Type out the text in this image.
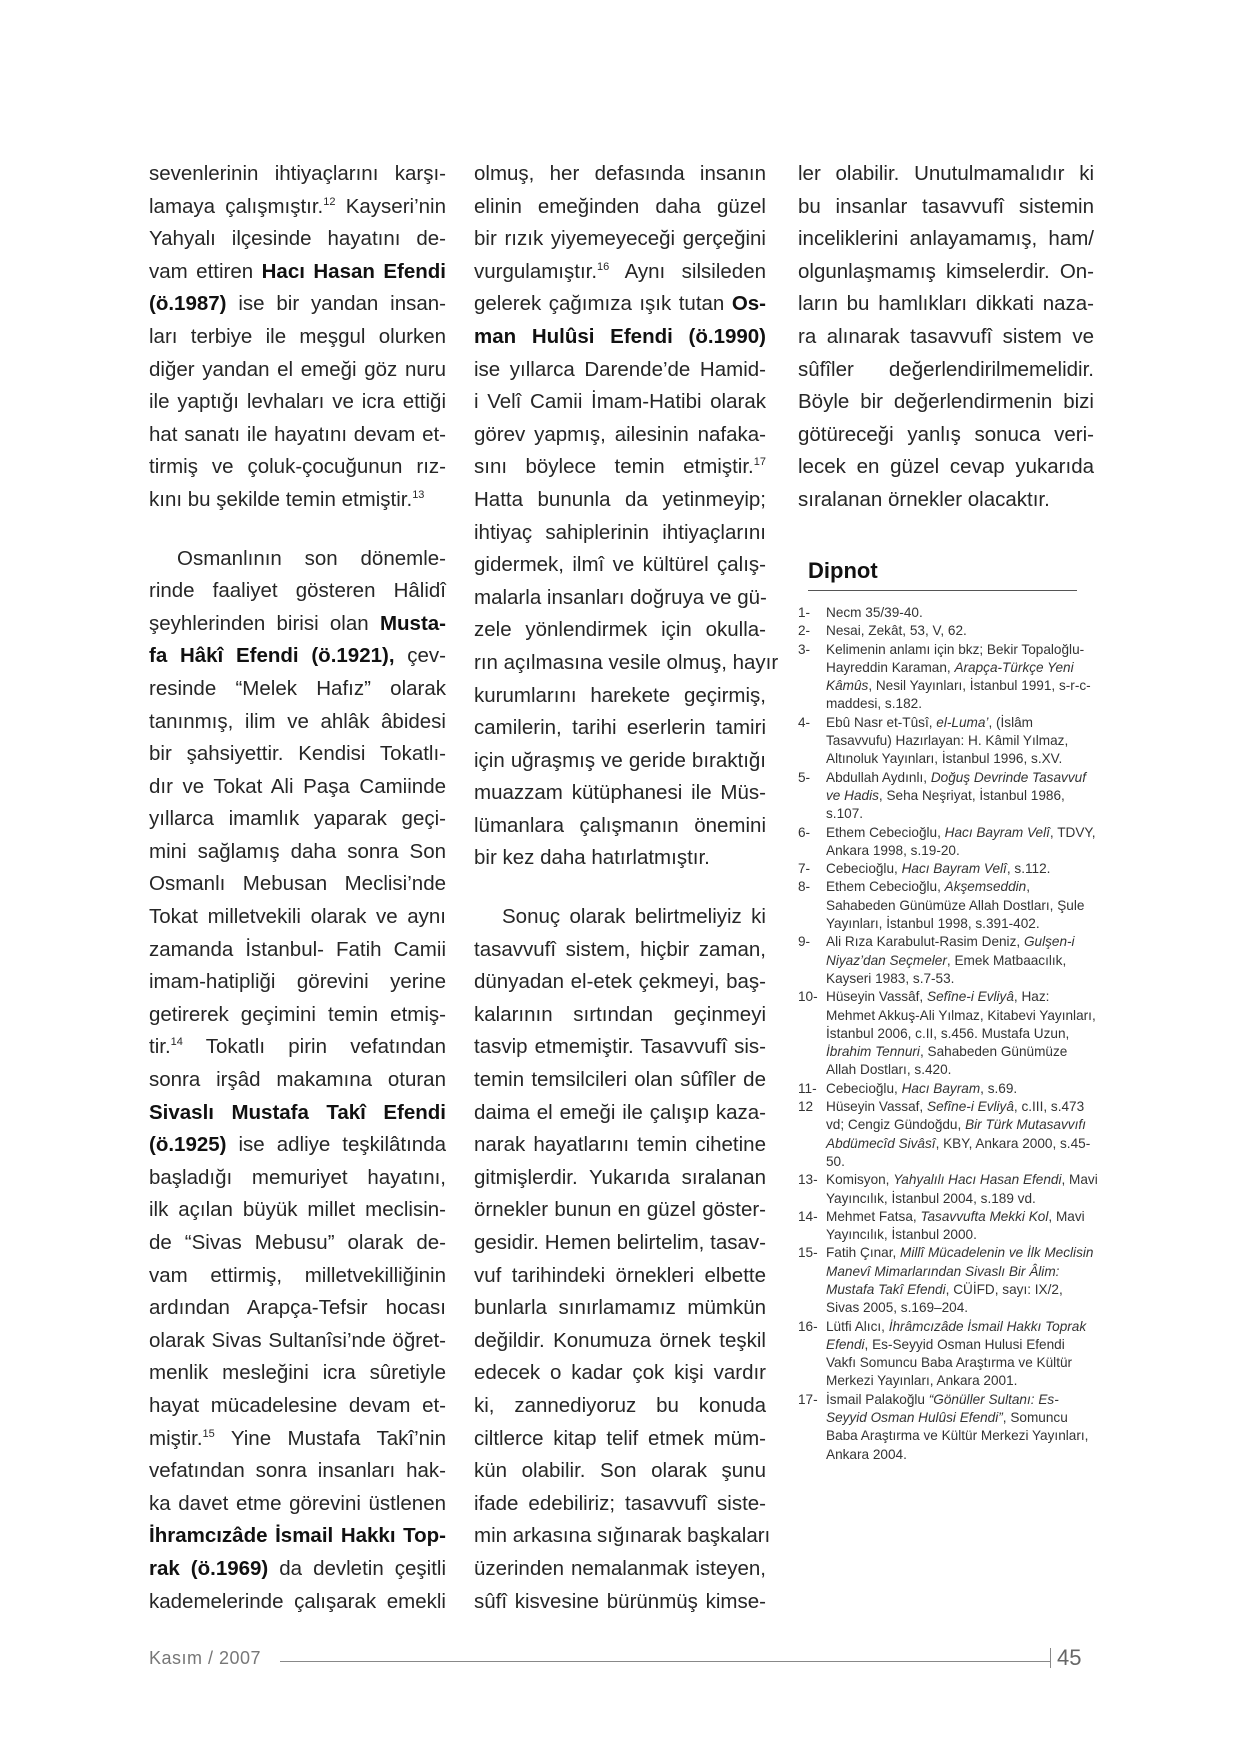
sevenlerinin ihtiyaçlarını karşı-

lamaya çalışmıştır.$^{12}$ Kayseri’nin

Yahyalı ilçesinde hayatını de-

vam ettiren Hacı Hasan Efendi

(ö.1987) ise bir yandan insan-

ları terbiye ile meşgul olurken

diğer yandan el emeği göz nuru

ile yaptığı levhaları ve icra ettiği

hat sanatı ile hayatını devam et-

tirmiş ve çoluk-çocuğunun rız-

kını bu şekilde temin etmiştir.$^{13}$

Osmanlının son dönemle-

rinde faaliyet gösteren Hâlidî

şeyhlerinden birisi olan Musta-

fa Hâkî Efendi (ö.1921), çev-

resinde “Melek Hafız” olarak

tanınmış, ilim ve ahlâk âbidesi

bir şahsiyettir. Kendisi Tokatlı-

dır ve Tokat Ali Paşa Camiinde

yıllarca imamlık yaparak geçi-

mini sağlamış daha sonra Son

Osmanlı Mebusan Meclisi’nde

Tokat milletvekili olarak ve aynı

zamanda İstanbul- Fatih Camii

imam-hatipliği görevini yerine

getirerek geçimini temin etmiş-

tir.$^{14}$ Tokatlı pirin vefatından

sonra irşâd makamına oturan

Sivaslı Mustafa Takî Efendi

(ö.1925) ise adliye teşkilâtında

başladığı memuriyet hayatını,

ilk açılan büyük millet meclisin-

de “Sivas Mebusu” olarak de-

vam ettirmiş, milletvekilliğinin

ardından Arapça-Tefsir hocası

olarak Sivas Sultanîsi’nde öğret-

menlik mesleğini icra sûretiyle

hayat mücadelesine devam et-

miştir.$^{15}$ Yine Mustafa Takî’nin

vefatından sonra insanları hak-

ka davet etme görevini üstlenen

İhramcızâde İsmail Hakkı Top-

rak (ö.1969) da devletin çeşitli

kademelerinde çalışarak emekli

olmuş, her defasında insanın

elinin emeğinden daha güzel

bir rızık yiyemeyeceği gerçeğini

vurgulamıştır.$^{16}$ Aynı silsileden

gelerek çağımıza ışık tutan Os-

man Hulûsi Efendi (ö.1990)

ise yıllarca Darende’de Hamid-

i Velî Camii İmam-Hatibi olarak

görev yapmış, ailesinin nafaka-

sını böylece temin etmiştir.$^{17}$

Hatta bununla da yetinmeyip;

ihtiyaç sahiplerinin ihtiyaçlarını

gidermek, ilmî ve kültürel çalış-

malarla insanları doğruya ve gü-

zele yönlendirmek için okulla-

rın açılmasına vesile olmuş, hayır

kurumlarını harekete geçirmiş,

camilerin, tarihi eserlerin tamiri

için uğraşmış ve geride bıraktığı

muazzam kütüphanesi ile Müs-

lümanlara çalışmanın önemini

bir kez daha hatırlatmıştır.

Sonuç olarak belirtmeliyiz ki

tasavvufî sistem, hiçbir zaman,

dünyadan el-etek çekmeyi, baş-

kalarının sırtından geçinmeyi

tasvip etmemiştir. Tasavvufî sis-

temin temsilcileri olan sûfîler de

daima el emeği ile çalışıp kaza-

narak hayatlarını temin cihetine

gitmişlerdir. Yukarıda sıralanan

örnekler bunun en güzel göster-

gesidir. Hemen belirtelim, tasav-

vuf tarihindeki örnekleri elbette

bunlarla sınırlamamız mümkün

değildir. Konumuza örnek teşkil

edecek o kadar çok kişi vardır

ki, zannediyoruz bu konuda

ciltlerce kitap telif etmek müm-

kün olabilir. Son olarak şunu

ifade edebiliriz; tasavvufî siste-

min arkasına sığınarak başkaları

üzerinden nemalanmak isteyen,

sûfî kisvesine bürünmüş kimse-

ler olabilir. Unutulmamalıdır ki

bu insanlar tasavvufî sistemin

inceliklerini anlayamamış, ham/

olgunlaşmamış kimselerdir. On-

ların bu hamlıkları dikkati naza-

ra alınarak tasavvufî sistem ve

sûfîler değerlendirilmemelidir.

Böyle bir değerlendirmenin bizi

götüreceği yanlış sonuca veri-

lecek en güzel cevap yukarıda

sıralanan örnekler olacaktır.

Dipnot
1-	Necm 35/39-40.
2-	Nesai, Zekât, 53, V, 62.
3-	Kelimenin anlamı için bkz; Bekir Topaloğlu-Hayreddin Karaman, Arapça-Türkçe Yeni Kâmûs, Nesil Yayınları, İstanbul 1991, s-r-c- maddesi, s.182.
4-	Ebû Nasr et-Tûsî, el-Luma’, (İslâm Tasavvufu) Hazırlayan: H. Kâmil Yılmaz, Altınoluk Yayınları, İstanbul 1996, s.XV.
5-	Abdullah Aydınlı, Doğuş Devrinde Tasavvuf ve Hadis, Seha Neşriyat, İstanbul 1986, s.107.
6-	Ethem Cebecioğlu, Hacı Bayram Velî, TDVY, Ankara 1998, s.19-20.
7-	Cebecioğlu, Hacı Bayram Velî, s.112.
8-	Ethem Cebecioğlu, Akşemseddin, Sahabeden Günümüze Allah Dostları, Şule Yayınları, İstanbul 1998, s.391-402.
9-	Ali Rıza Karabulut-Rasim Deniz, Gulşen-i Niyaz’dan Seçmeler, Emek Matbaacılık, Kayseri 1983, s.7-53.
10- Hüseyin Vassâf, Sefîne-i Evliyâ, Haz: Mehmet Akkuş-Ali Yılmaz, Kitabevi Yayınları, İstanbul 2006, c.II, s.456. Mustafa Uzun, İbrahim Tennuri, Sahabeden Günümüze Allah Dostları, s.420.
11- Cebecioğlu, Hacı Bayram, s.69.
12 Hüseyin Vassaf, Sefîne-i Evliyâ, c.III, s.473 vd; Cengiz Gündoğdu, Bir Türk Mutasavvıfı Abdümecîd Sivâsî, KBY, Ankara 2000, s.45-50.
13- Komisyon, Yahyalılı Hacı Hasan Efendi, Mavi Yayıncılık, İstanbul 2004, s.189 vd.
14- Mehmet Fatsa, Tasavvufta Mekki Kol, Mavi Yayıncılık, İstanbul 2000.
15- Fatih Çınar, Millî Mücadelenin ve İlk Meclisin Manevî Mimarlarından Sivaslı Bir Âlim: Mustafa Takî Efendi, CÜİFD, sayı: IX/2, Sivas 2005, s.169–204.
16- Lütfi Alıcı, İhrâmcızâde İsmail Hakkı Toprak Efendi, Es-Seyyid Osman Hulusi Efendi Vakfı Somuncu Baba Araştırma ve Kültür Merkezi Yayınları, Ankara 2001.
17- İsmail Palakoğlu “Gönüller Sultanı: Es-Seyyid Osman Hulûsi Efendi”, Somuncu Baba Araştırma ve Kültür Merkezi Yayınları, Ankara 2004.
Kasım / 2007	45
